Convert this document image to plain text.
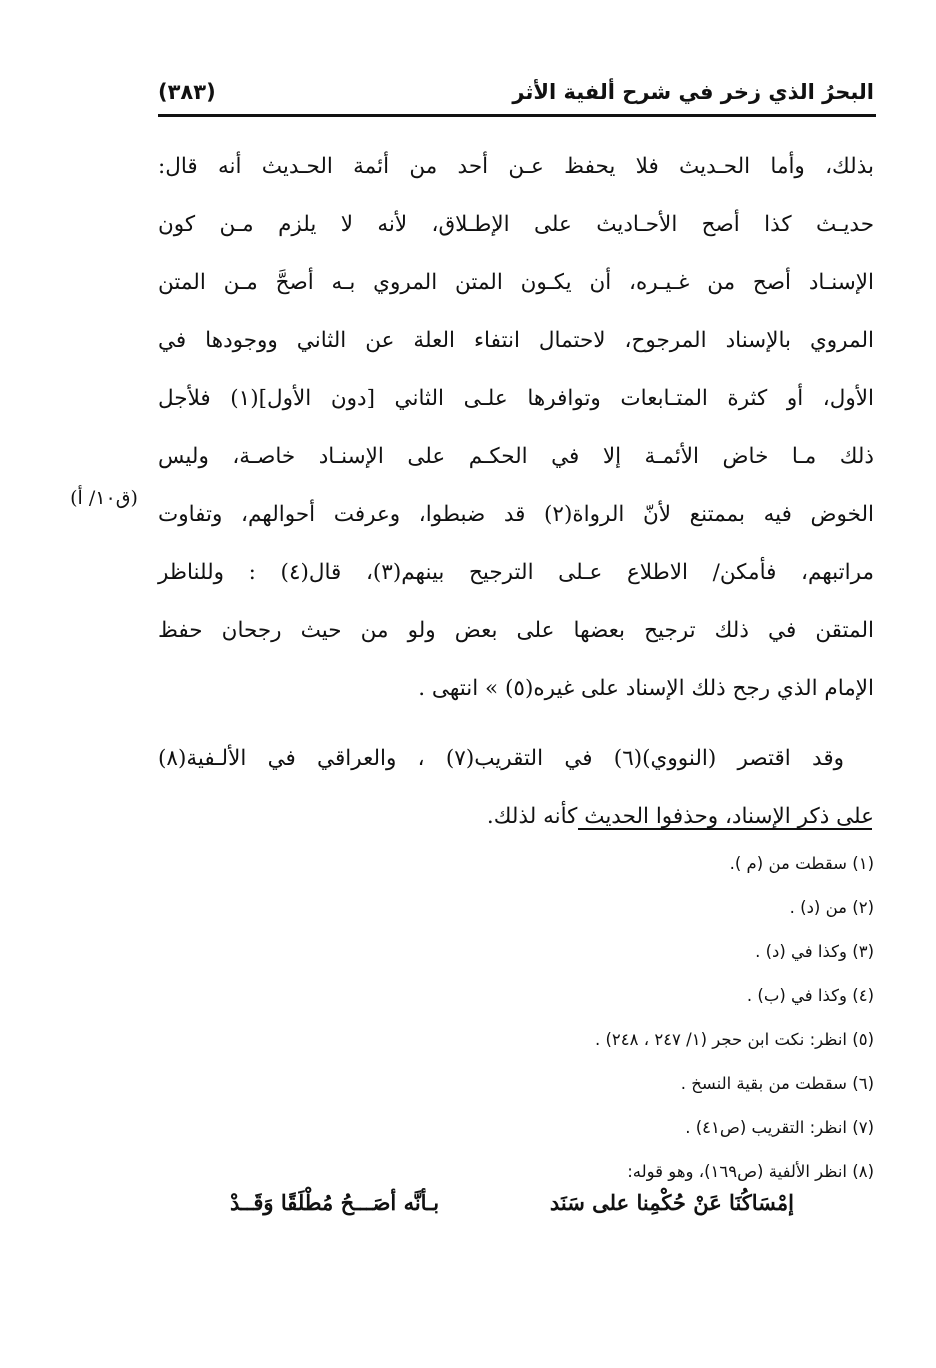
البحرُ الذي زخر في شرح ألفية الأثر
(٣٨٣)
بذلك، وأما الحـديث فلا يحفظ عـن أحد من أئمة الحـديث أنه قال:
حديـث كذا أصح الأحـاديث على الإطـلاق، لأنه لا يلزم مـن كون
الإسنـاد أصح من غـيـره، أن يكـون المتن المروي بـه أصحَّ مـن المتن
المروي بالإسناد المرجوح، لاحتمال انتفاء العلة عن الثاني ووجودها في
الأول، أو كثرة المتـابعات وتوافرها علـى الثاني [دون الأول](١) فلأجل
ذلك مـا خاض الأئمـة إلا في الحكـم على الإسنـاد خاصـة، وليس
الخوض فيه بممتنع لأنّ الرواة(٢) قد ضبطوا، وعرفت أحوالهم، وتفاوت
مراتبهم، فأمكن/ الاطلاع عـلى الترجيح بينهم(٣)، قال(٤) : وللناظر
المتقن في ذلك ترجيح بعضها على بعض ولو من حيث رجحان حفظ
الإمام الذي رجح ذلك الإسناد على غيره(٥) » انتهى .
وقد اقتصر (النووي)(٦) في التقريب(٧) ، والعراقي في الألـفية(٨)
على ذكر الإسناد، وحذفوا الحديث كأنه لذلك.
(ق١٠/ أ)
(١) سقطت من (م ).
(٢) من (د) .
(٣) وكذا في (د) .
(٤) وكذا في (ب) .
(٥) انظر: نكت ابن حجر (١/ ٢٤٧ ، ٢٤٨) .
(٦) سقطت من بقية النسخ .
(٧) انظر: التقريب (ص٤١) .
(٨) انظر الألفية (ص١٦٩)، وهو قوله:
إمْسَاكُنَا عَنْ حُكْمِنا على سَنَد
بـأنَّه أصَـــحُ مُطْلَقًا وَقَــدْ
